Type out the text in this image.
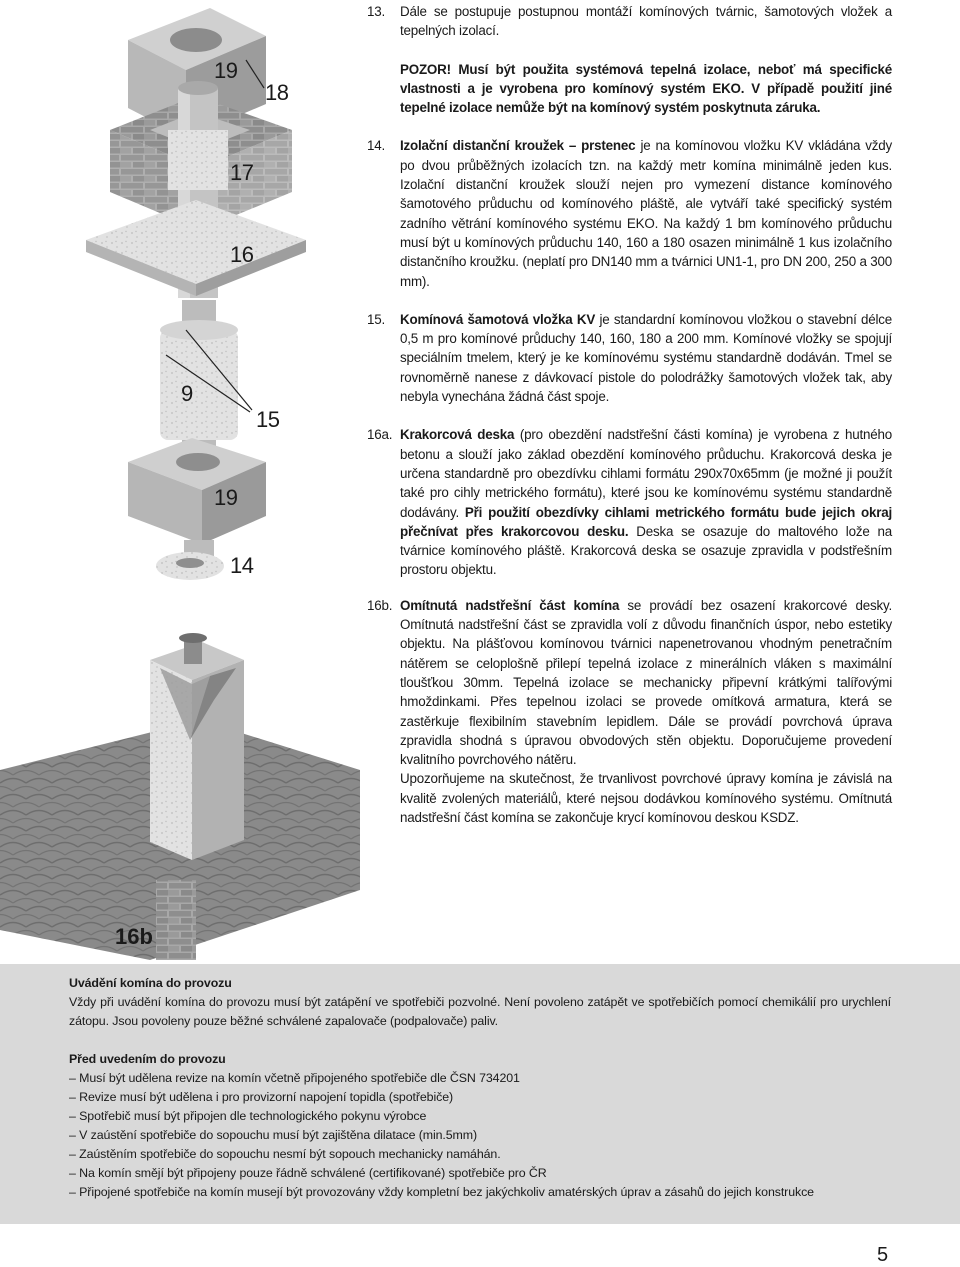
19
18
17
16
9
15
19
14
16b

13. Dále se postupuje postupnou montáží komínových tvárnic, šamotových vložek a tepelných izolací.

POZOR! Musí být použita systémová tepelná izolace, neboť má specifické vlastnosti a je vyrobena pro komínový systém EKO. V případě použití jiné tepelné izolace nemůže být na komínový systém poskytnuta záruka.

14. Izolační distanční kroužek – prstenec je na komínovou vložku KV vkládána vždy po dvou průběžných izolacích tzn. na každý metr komína minimálně jeden kus. Izolační distanční kroužek slouží nejen pro vymezení distance komínového šamotového průduchu od komínového pláště, ale vytváří také specifický systém zadního větrání komínového systému EKO. Na každý 1 bm komínového průduchu musí být u komínových průduchu 140, 160 a 180 osazen minimálně 1 kus izolačního distančního kroužku. (neplatí pro DN140 mm a tvárnici UN1-1, pro DN 200, 250 a 300 mm).

15. Komínová šamotová vložka KV je standardní komínovou vložkou o stavební délce 0,5 m pro komínové průduchy 140, 160, 180 a 200 mm. Komínové vložky se spojují speciálním tmelem, který je ke komínovému systému standardně dodáván. Tmel se rovnoměrně nanese z dávkovací pistole do polodrážky šamotových vložek tak, aby nebyla vynechána žádná část spoje.

16a. Krakorcová deska (pro obezdění nadstřešní části komína) je vyrobena z hutného betonu a slouží jako základ obezdění komínového průduchu. Krakorcová deska je určena standardně pro obezdívku cihlami formátu 290x70x65mm (je možné ji použít také pro cihly metrického formátu), které jsou ke komínovému systému standardně dodávány. Při použití obezdívky cihlami metrického formátu bude jejich okraj přečnívat přes krakorcovou desku. Deska se osazuje do maltového lože na tvárnice komínového pláště. Krakorcová deska se osazuje zpravidla v podstřešním prostoru objektu.

16b. Omítnutá nadstřešní část komína se provádí bez osazení krakorcové desky. Omítnutá nadstřešní část se zpravidla volí z důvodu finančních úspor, nebo estetiky objektu. Na plášťovou komínovou tvárnici napenetrovanou vhodným penetračním nátěrem se celoplošně přilepí tepelná izolace z minerálních vláken s maximální tloušťkou 30mm. Tepelná izolace se mechanicky připevní krátkými talířovými hmoždinkami. Přes tepelnou izolaci se provede omítková armatura, která se zastěrkuje flexibilním stavebním lepidlem. Dále se provádí povrchová úprava zpravidla shodná s úpravou obvodových stěn objektu. Doporučujeme provedení kvalitního povrchového nátěru.

Upozorňujeme na skutečnost, že trvanlivost povrchové úpravy komína je závislá na kvalitě zvolených materiálů, které nejsou dodávkou komínového systému. Omítnutá nadstřešní část komína se zakončuje krycí komínovou deskou KSDZ.

Uvádění komína do provozu

Vždy při uvádění komína do provozu musí být zatápění ve spotřebiči pozvolné. Není povoleno zatápět ve spotřebičích pomocí chemikálií pro urychlení zátopu. Jsou povoleny pouze běžné schválené zapalovače (podpalovače) paliv.

Před uvedením do provozu
– Musí být udělena revize na komín včetně připojeného spotřebiče dle ČSN 734201
– Revize musí být udělena i pro provizorní napojení topidla (spotřebiče)
– Spotřebič musí být připojen dle technologického pokynu výrobce
– V zaústění spotřebiče do sopouchu musí být zajištěna dilatace (min.5mm)
– Zaústěním spotřebiče do sopouchu nesmí být sopouch mechanicky namáhán.
– Na komín smějí být připojeny pouze řádně schválené (certifikované) spotřebiče pro ČR
– Připojené spotřebiče na komín musejí být provozovány vždy kompletní bez jakýchkoliv amatérských úprav a zásahů do jejich konstrukce
5
